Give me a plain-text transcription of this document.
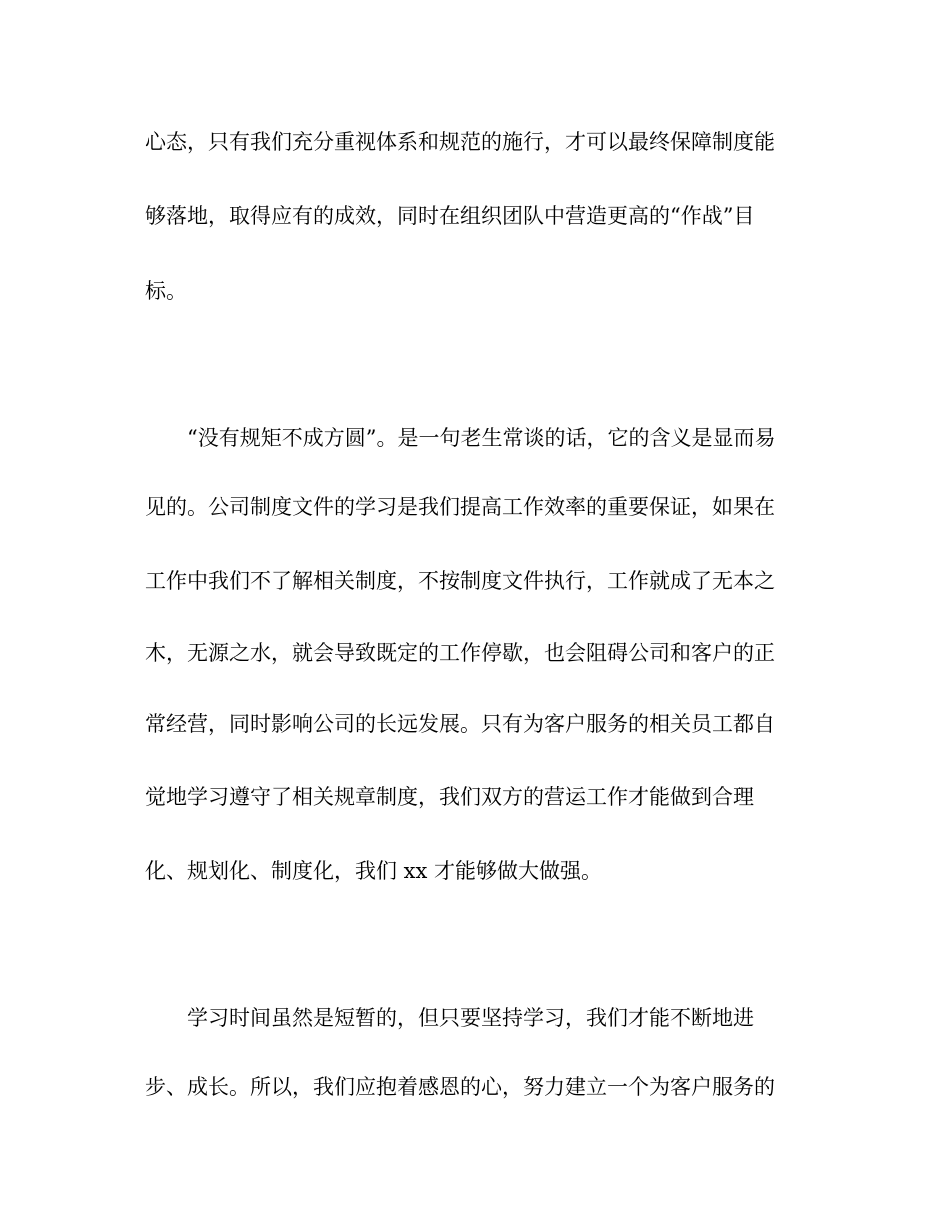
心态，只有我们充分重视体系和规范的施行，才可以最终保障制度能
够落地，取得应有的成效，同时在组织团队中营造更高的“作战”目
标。
“没有规矩不成方圆”。是一句老生常谈的话，它的含义是显而易
见的。公司制度文件的学习是我们提高工作效率的重要保证，如果在
工作中我们不了解相关制度，不按制度文件执行，工作就成了无本之
木，无源之水，就会导致既定的工作停歇，也会阻碍公司和客户的正
常经营，同时影响公司的长远发展。只有为客户服务的相关员工都自
觉地学习遵守了相关规章制度，我们双方的营运工作才能做到合理
化、规划化、制度化，我们 xx 才能够做大做强。
学习时间虽然是短暂的，但只要坚持学习，我们才能不断地进
步、成长。所以，我们应抱着感恩的心，努力建立一个为客户服务的
